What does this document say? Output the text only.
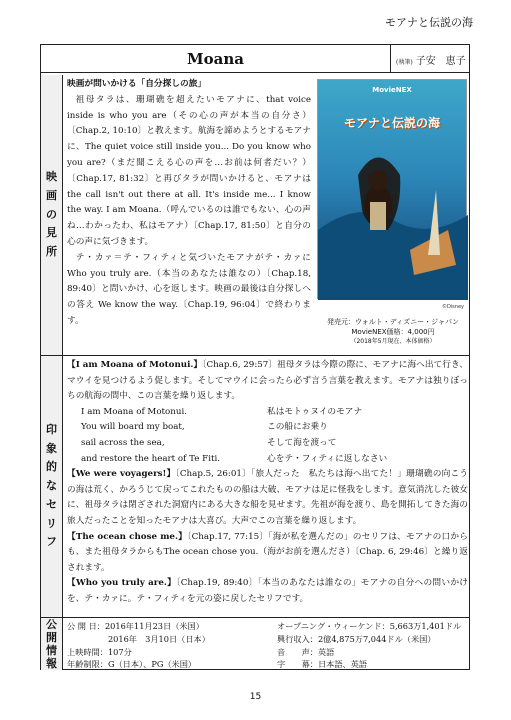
モアナと伝説の海
Moana	(執筆) 子安　恵子
映
画
の
見
所
映画が問いかける「自分探しの旅」
祖母タラは、珊瑚礁を超えたいモアナに、that voice inside is who you are（その心の声が本当の自分さ）〔Chap.2, 10:10〕と教えます。航海を諦めようとするモアナに、The quiet voice still inside you... Do you know who you are?（まだ聞こえる心の声を…お前は何者だい？）〔Chap.17, 81:32〕と再びタラが問いかけると、モアナは the call isn't out there at all. It's inside me... I know the way. I am Moana.（呼んでいるのは誰でもない、心の声ね…わかったわ、私はモアナ）〔Chap.17, 81:50〕と自分の心の声に気づきます。
テ・カァ＝テ・フィティと気づいたモアナがテ・カァに Who you truly are.（本当のあなたは誰なの）〔Chap.18, 89:40〕と問いかけ、心を返します。映画の最後は自分探しへの答え We know the way.〔Chap.19, 96:04〕で終わります。
MovieNEX
モアナと伝説の海
©Disney
発売元：ウォルト・ディズニー・ジャパン
MovieNEX価格：4,000円
（2018年5月現在、本体価格）
印
象
的
な
セ
リ
フ
【I am Moana of Motonui.】〔Chap.6, 29:57〕祖母タラは今際の際に、モアナに海へ出て行き、マウイを見つけるよう促します。そしてマウイに会ったら必ず言う言葉を教えます。モアナは独りぼっちの航海の間中、この言葉を繰り返します。
I am Moana of Motonui.	私はモトゥヌイのモアナ
You will board my boat,	この船にお乗り
sail across the sea,	そして海を渡って
and restore the heart of Te Fiti.	心をテ・フィティに返しなさい
【We were voyagers!】〔Chap.5, 26:01〕「旅人だった　私たちは海へ出てた！」珊瑚礁の向こうの海は荒く、かろうじて戻ってこれたものの船は大破、モアナは足に怪我をします。意気消沈した彼女に、祖母タラは閉ざされた洞窟内にある大きな船を見せます。先祖が海を渡り、島を開拓してきた海の旅人だったことを知ったモアナは大喜び。大声でこの言葉を繰り返します。
【The ocean chose me.】〔Chap.17, 77:15〕「海が私を選んだの」のセリフは、モアナの口からも、また祖母タラからもThe ocean chose you.（海がお前を選んださ）〔Chap. 6, 29:46〕と繰り返されます。
【Who you truly are.】〔Chap.19, 89:40〕「本当のあなたは誰なの」モアナの自分への問いかけを、テ・カァに。テ・フィティを元の姿に戻したセリフです。
公
開
情
報
公 開 日：2016年11月23日（米国）	オープニング・ウィーケンド：5,663万1,401ドル
　　　　　2016年　3月10日（日本）	興行収入：2億4,875万7,044ドル（米国）
上映時間：107分	音　　声：英語
年齢制限：G（日本）、PG（米国）	字　　幕：日本語、英語
15
